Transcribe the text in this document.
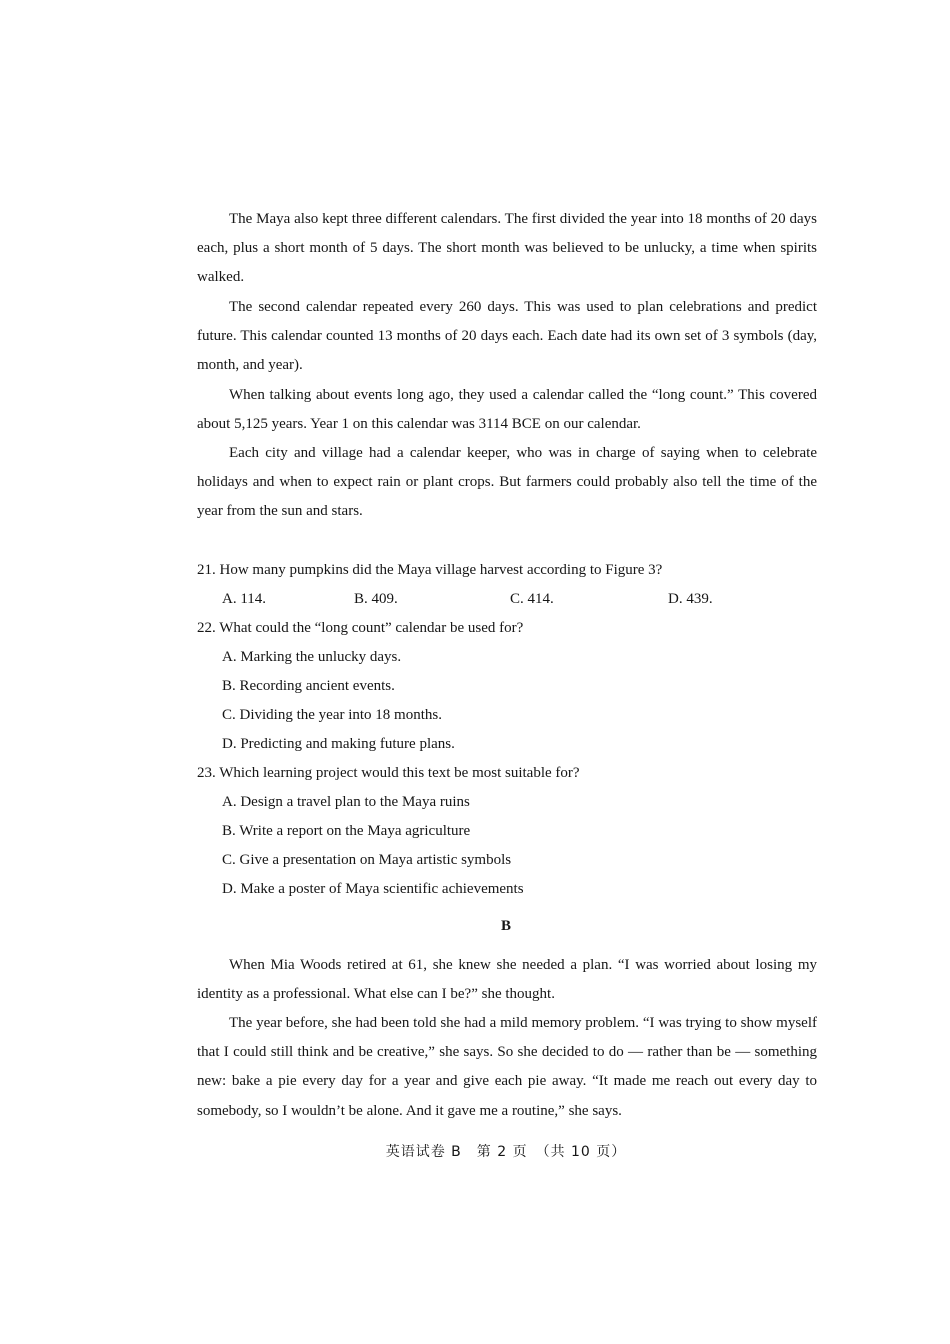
The Maya also kept three different calendars. The first divided the year into 18 months of 20 days each, plus a short month of 5 days. The short month was believed to be unlucky, a time when spirits walked.

The second calendar repeated every 260 days. This was used to plan celebrations and predict future. This calendar counted 13 months of 20 days each. Each date had its own set of 3 symbols (day, month, and year).

When talking about events long ago, they used a calendar called the “long count.” This covered about 5,125 years. Year 1 on this calendar was 3114 BCE on our calendar.

Each city and village had a calendar keeper, who was in charge of saying when to celebrate holidays and when to expect rain or plant crops. But farmers could probably also tell the time of the year from the sun and stars.

21. How many pumpkins did the Maya village harvest according to Figure 3?
A. 114.	B. 409.	C. 414.	D. 439.
22. What could the “long count” calendar be used for?
A. Marking the unlucky days.
B. Recording ancient events.
C. Dividing the year into 18 months.
D. Predicting and making future plans.
23. Which learning project would this text be most suitable for?
A. Design a travel plan to the Maya ruins
B. Write a report on the Maya agriculture
C. Give a presentation on Maya artistic symbols
D. Make a poster of Maya scientific achievements
B

When Mia Woods retired at 61, she knew she needed a plan. “I was worried about losing my identity as a professional. What else can I be?” she thought.

The year before, she had been told she had a mild memory problem. “I was trying to show myself that I could still think and be creative,” she says. So she decided to do — rather than be — something new: bake a pie every day for a year and give each pie away. “It made me reach out every day to somebody, so I wouldn’t be alone. And it gave me a routine,” she says.

英语试卷 B　第 2 页　（共 10 页）
